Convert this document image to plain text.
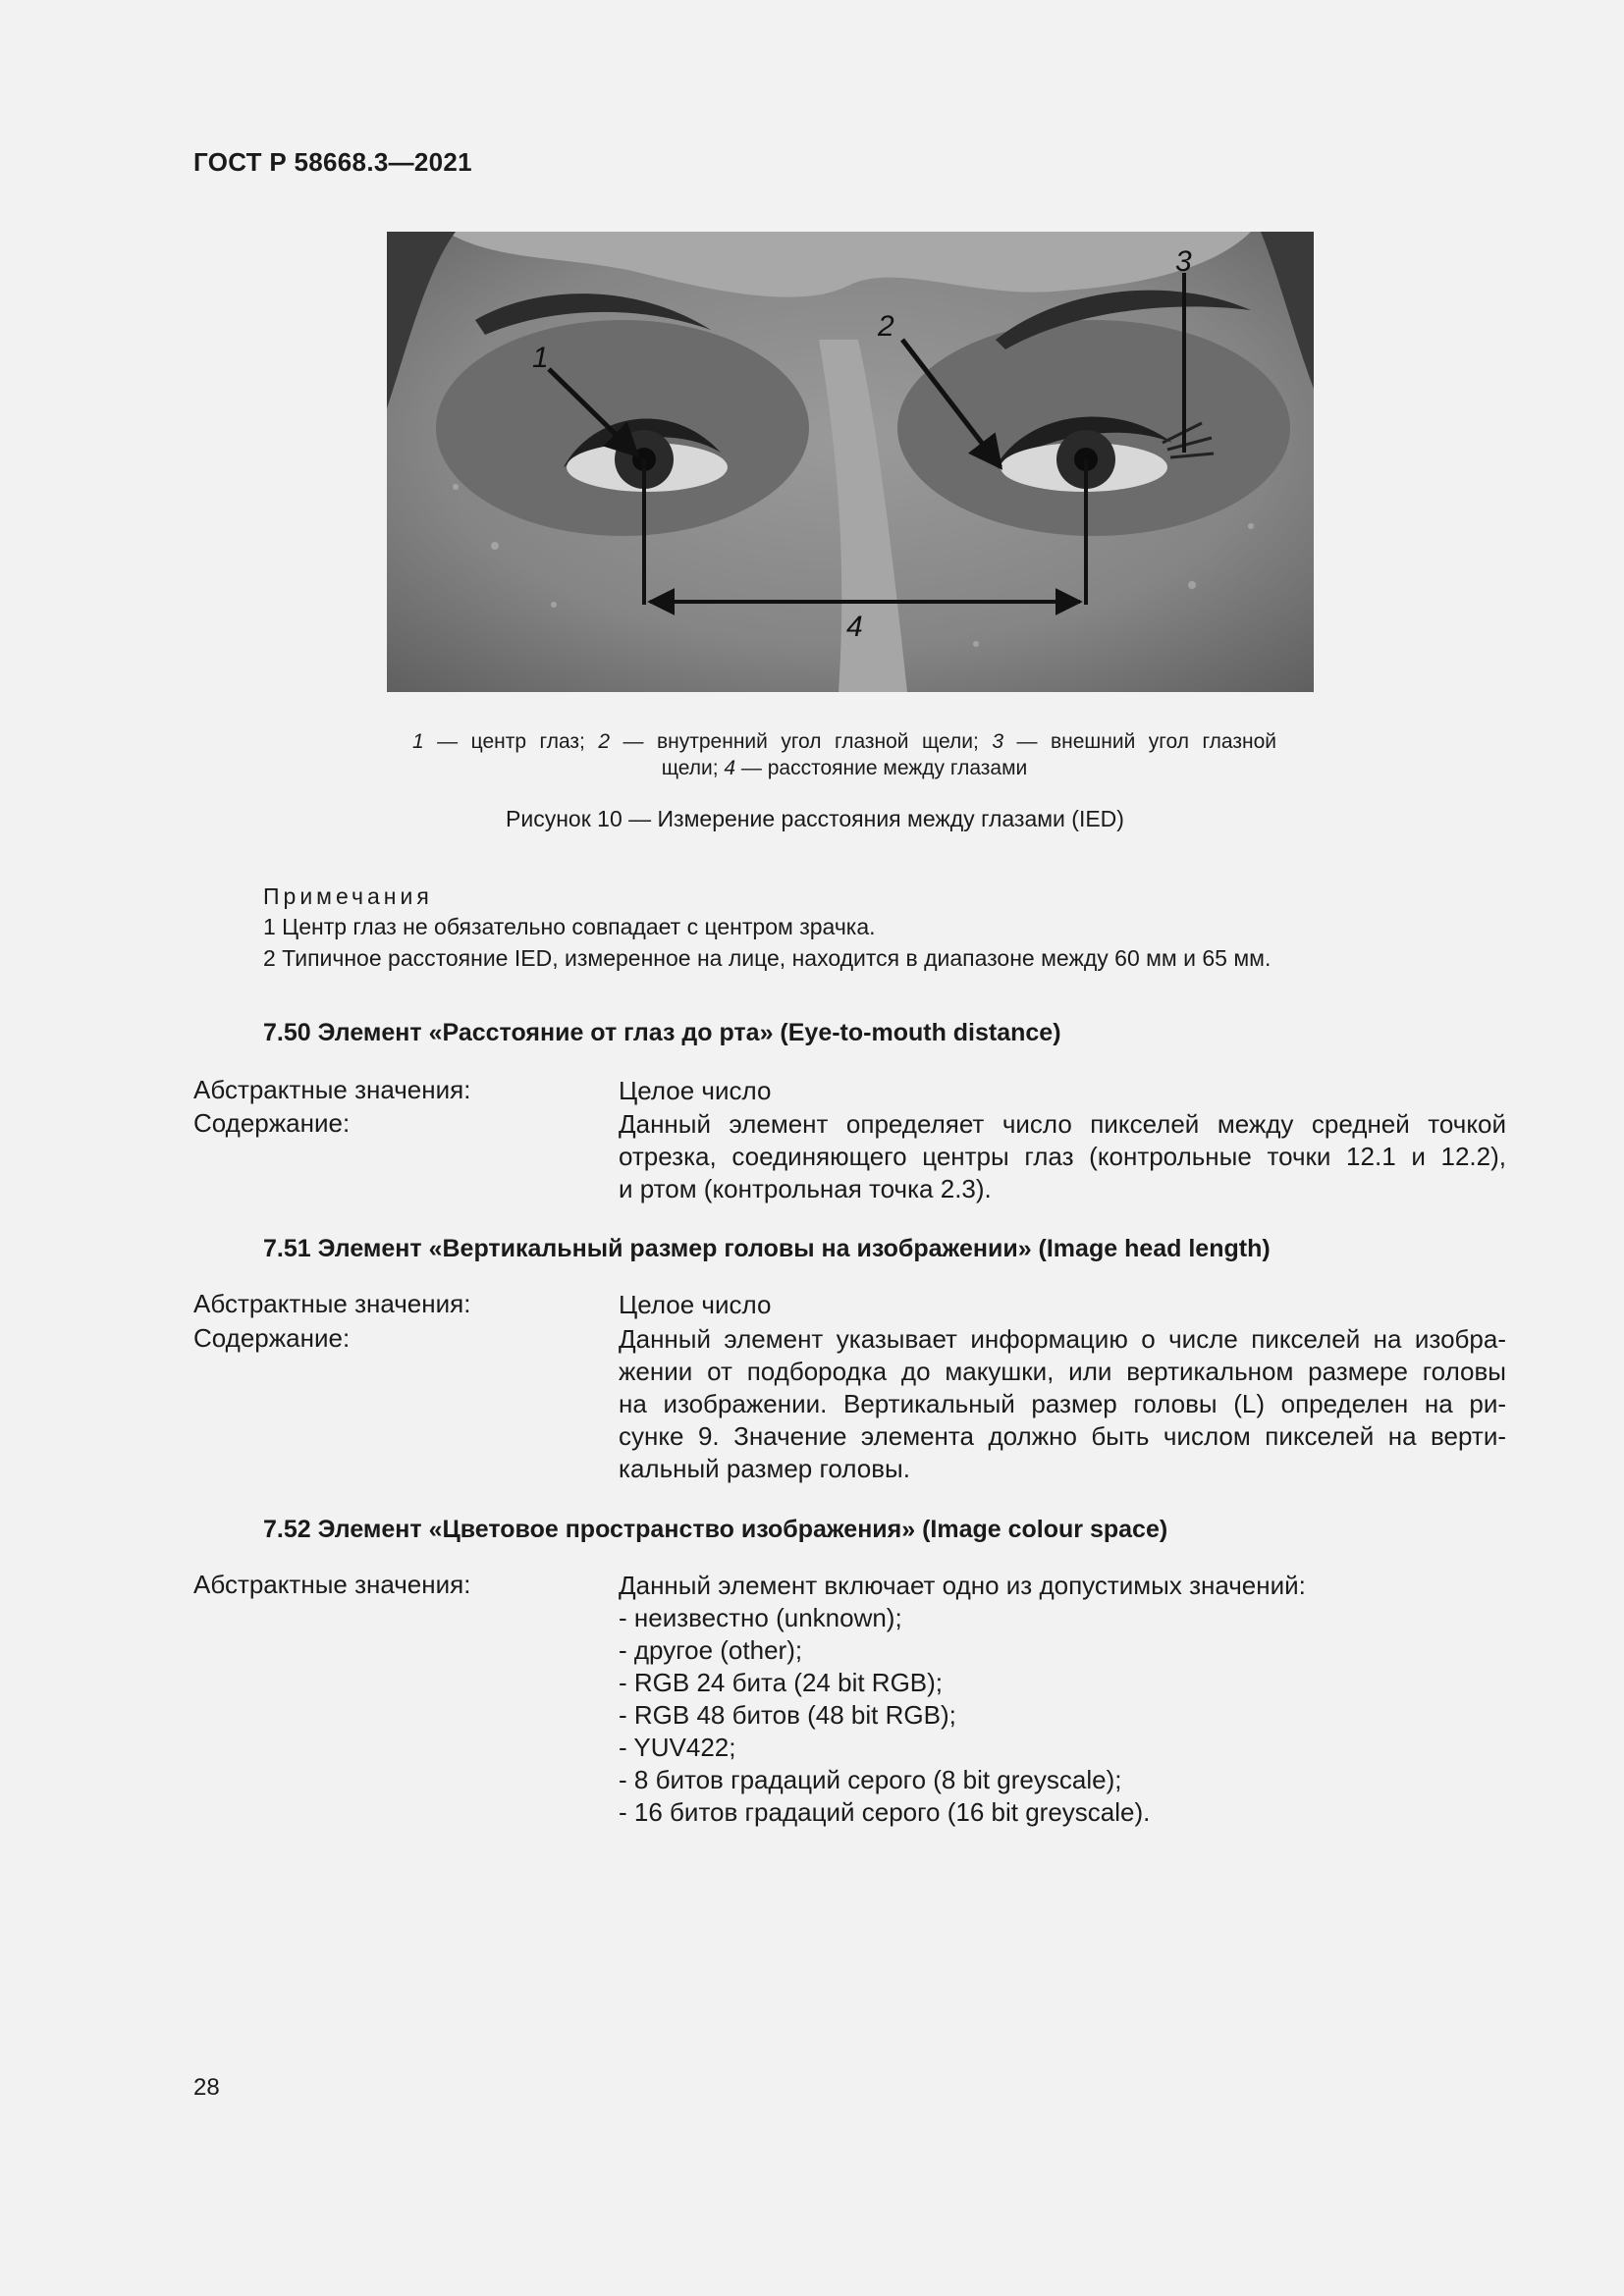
ГОСТ Р 58668.3—2021
1
2
3
4
1 — центр глаз; 2 — внутренний угол глазной щели; 3 — внешний угол глазной
щели; 4 — расстояние между глазами
Рисунок 10 — Измерение расстояния между глазами (IED)
Примечания
1 Центр глаз не обязательно совпадает с центром зрачка.
2 Типичное расстояние IED, измеренное на лице, находится в диапазоне между 60 мм и 65 мм.
7.50 Элемент «Расстояние от глаз до рта» (Eye-to-mouth distance)
Абстрактные значения:	Целое число
Содержание:	Данный элемент определяет число пикселей между средней точкой
отрезка, соединяющего центры глаз (контрольные точки 12.1 и 12.2),
и ртом (контрольная точка 2.3).
7.51 Элемент «Вертикальный размер головы на изображении» (Image head length)
Абстрактные значения:	Целое число
Содержание:	Данный элемент указывает информацию о числе пикселей на изобра-
жении от подбородка до макушки, или вертикальном размере головы
на изображении. Вертикальный размер головы (L) определен на ри-
сунке 9. Значение элемента должно быть числом пикселей на верти-
кальный размер головы.
7.52 Элемент «Цветовое пространство изображения» (Image colour space)
Абстрактные значения:	Данный элемент включает одно из допустимых значений:
- неизвестно (unknown);
- другое (other);
- RGB 24 бита (24 bit RGB);
- RGB 48 битов (48 bit RGB);
- YUV422;
- 8 битов градаций серого (8 bit greyscale);
- 16 битов градаций серого (16 bit greyscale).
28
